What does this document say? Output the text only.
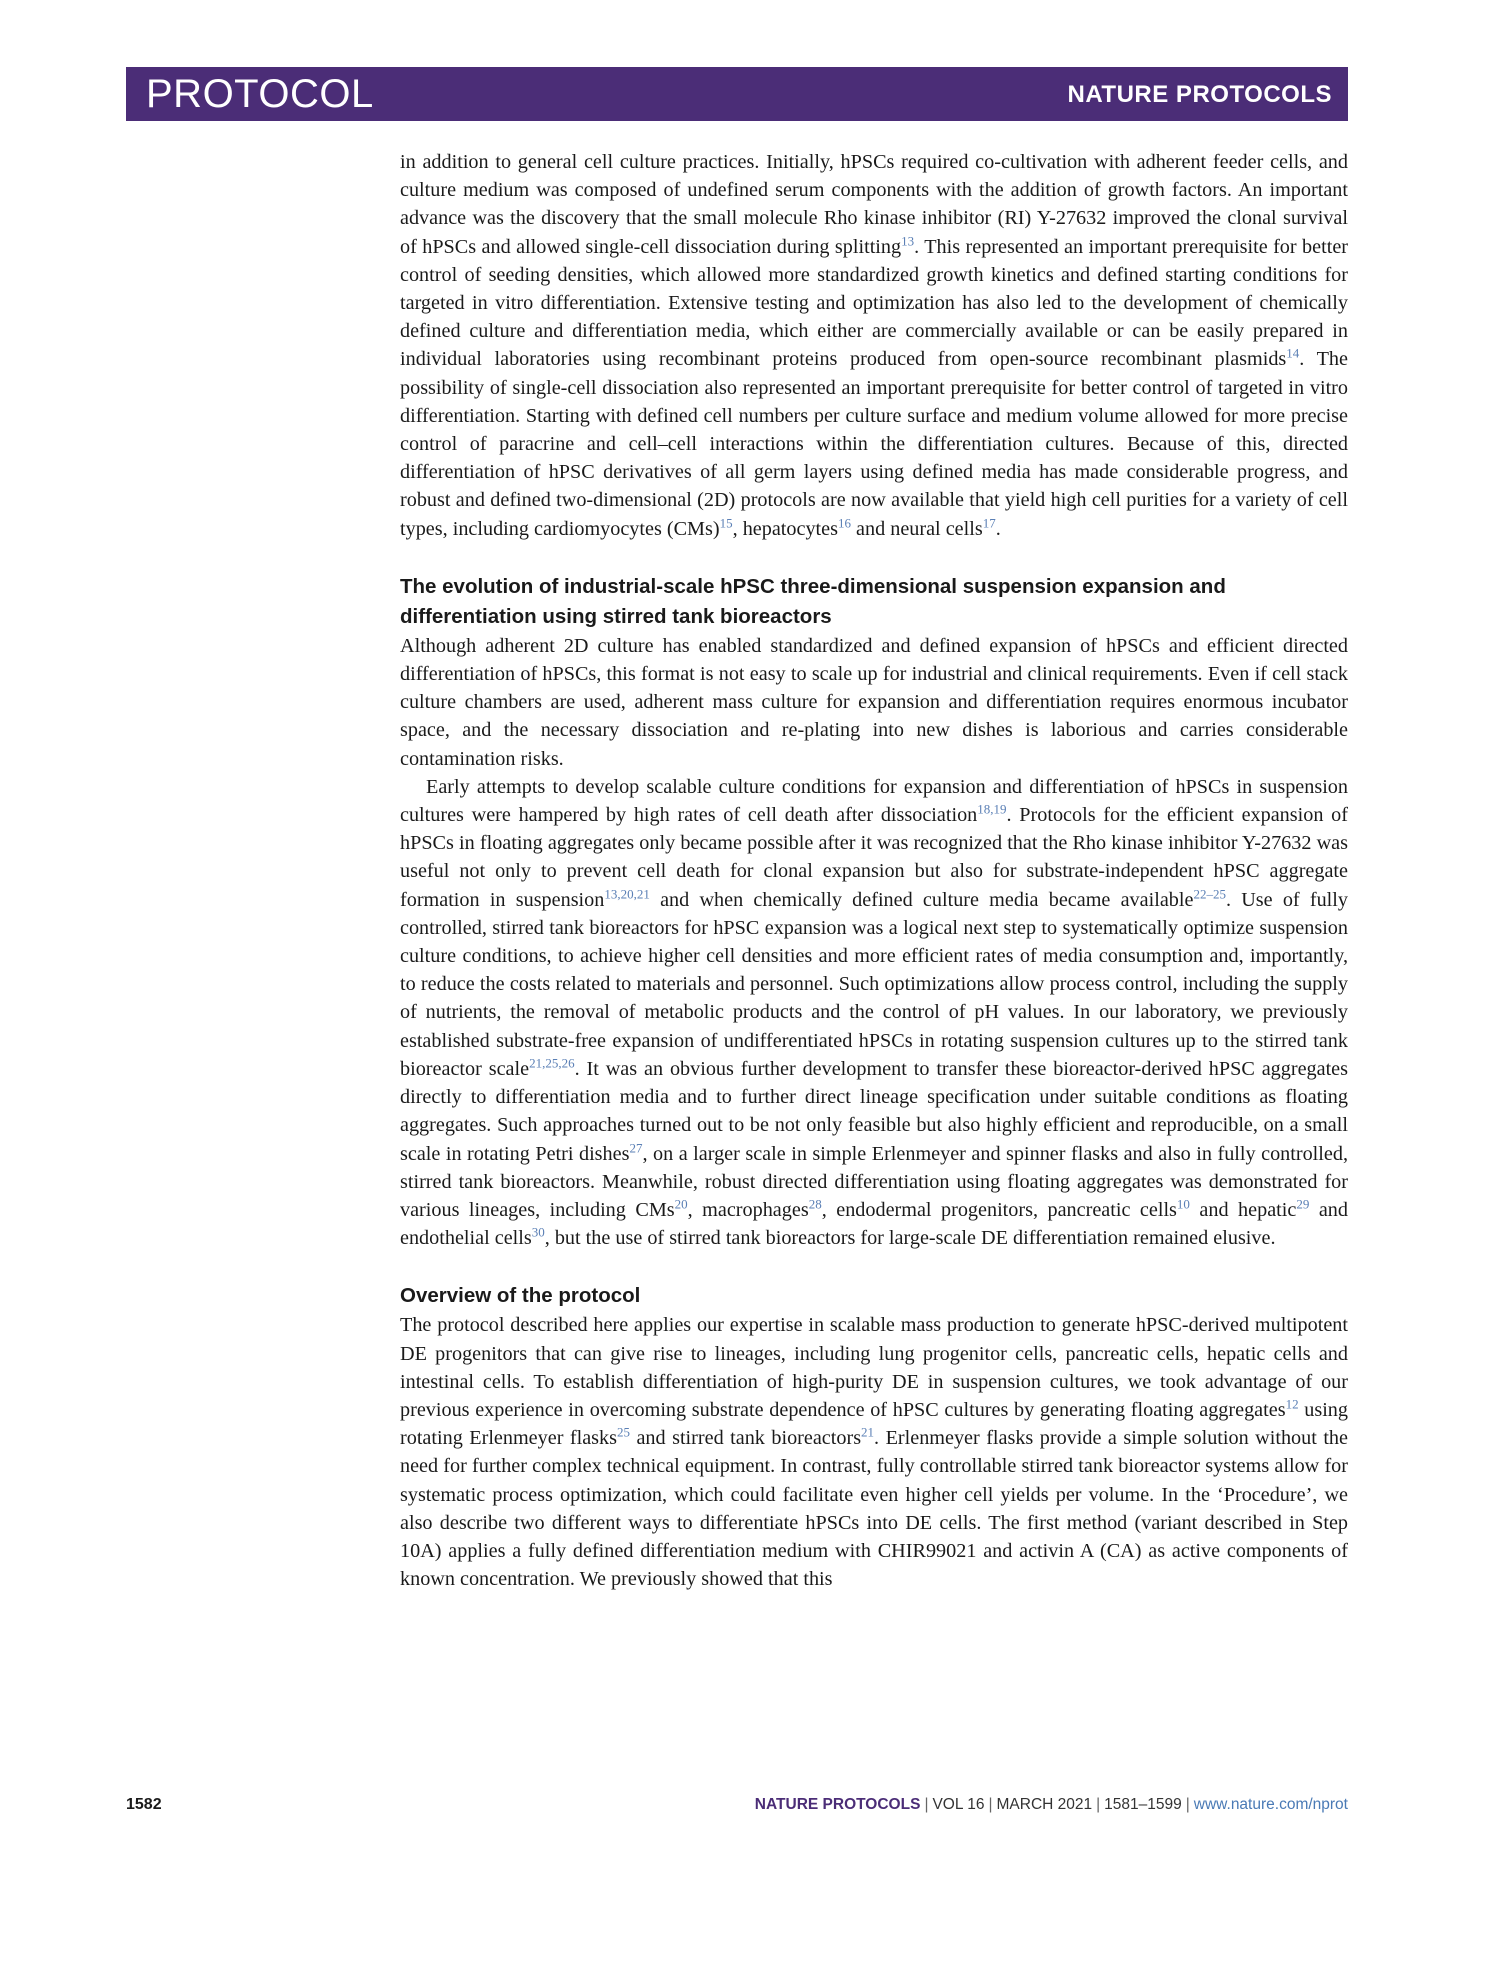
PROTOCOL	NATURE PROTOCOLS

in addition to general cell culture practices. Initially, hPSCs required co-cultivation with adherent feeder cells, and culture medium was composed of undefined serum components with the addition of growth factors. An important advance was the discovery that the small molecule Rho kinase inhibitor (RI) Y-27632 improved the clonal survival of hPSCs and allowed single-cell dissociation during splitting$^{13}$. This represented an important prerequisite for better control of seeding densities, which allowed more standardized growth kinetics and defined starting conditions for targeted in vitro differentiation. Extensive testing and optimization has also led to the development of chemically defined culture and differentiation media, which either are commercially available or can be easily prepared in individual laboratories using recombinant proteins produced from open-source recombinant plasmids$^{14}$. The possibility of single-cell dissociation also represented an important prerequisite for better control of targeted in vitro differentiation. Starting with defined cell numbers per culture surface and medium volume allowed for more precise control of paracrine and cell–cell interactions within the differentiation cultures. Because of this, directed differentiation of hPSC derivatives of all germ layers using defined media has made considerable progress, and robust and defined two-dimensional (2D) protocols are now available that yield high cell purities for a variety of cell types, including cardiomyocytes (CMs)$^{15}$, hepatocytes$^{16}$ and neural cells$^{17}$.

The evolution of industrial-scale hPSC three-dimensional suspension expansion and differentiation using stirred tank bioreactors

Although adherent 2D culture has enabled standardized and defined expansion of hPSCs and efficient directed differentiation of hPSCs, this format is not easy to scale up for industrial and clinical requirements. Even if cell stack culture chambers are used, adherent mass culture for expansion and differentiation requires enormous incubator space, and the necessary dissociation and re-plating into new dishes is laborious and carries considerable contamination risks.

Early attempts to develop scalable culture conditions for expansion and differentiation of hPSCs in suspension cultures were hampered by high rates of cell death after dissociation$^{18,19}$. Protocols for the efficient expansion of hPSCs in floating aggregates only became possible after it was recognized that the Rho kinase inhibitor Y-27632 was useful not only to prevent cell death for clonal expansion but also for substrate-independent hPSC aggregate formation in suspension$^{13,20,21}$ and when chemically defined culture media became available$^{22-25}$. Use of fully controlled, stirred tank bioreactors for hPSC expansion was a logical next step to systematically optimize suspension culture conditions, to achieve higher cell densities and more efficient rates of media consumption and, importantly, to reduce the costs related to materials and personnel. Such optimizations allow process control, including the supply of nutrients, the removal of metabolic products and the control of pH values. In our laboratory, we previously established substrate-free expansion of undifferentiated hPSCs in rotating suspension cultures up to the stirred tank bioreactor scale$^{21,25,26}$. It was an obvious further development to transfer these bioreactor-derived hPSC aggregates directly to differentiation media and to further direct lineage specification under suitable conditions as floating aggregates. Such approaches turned out to be not only feasible but also highly efficient and reproducible, on a small scale in rotating Petri dishes$^{27}$, on a larger scale in simple Erlenmeyer and spinner flasks and also in fully controlled, stirred tank bioreactors. Meanwhile, robust directed differentiation using floating aggregates was demonstrated for various lineages, including CMs$^{20}$, macrophages$^{28}$, endodermal progenitors, pancreatic cells$^{10}$ and hepatic$^{29}$ and endothelial cells$^{30}$, but the use of stirred tank bioreactors for large-scale DE differentiation remained elusive.

Overview of the protocol

The protocol described here applies our expertise in scalable mass production to generate hPSC-derived multipotent DE progenitors that can give rise to lineages, including lung progenitor cells, pancreatic cells, hepatic cells and intestinal cells. To establish differentiation of high-purity DE in suspension cultures, we took advantage of our previous experience in overcoming substrate dependence of hPSC cultures by generating floating aggregates$^{12}$ using rotating Erlenmeyer flasks$^{25}$ and stirred tank bioreactors$^{21}$. Erlenmeyer flasks provide a simple solution without the need for further complex technical equipment. In contrast, fully controllable stirred tank bioreactor systems allow for systematic process optimization, which could facilitate even higher cell yields per volume. In the ‘Procedure’, we also describe two different ways to differentiate hPSCs into DE cells. The first method (variant described in Step 10A) applies a fully defined differentiation medium with CHIR99021 and activin A (CA) as active components of known concentration. We previously showed that this

1582	NATURE PROTOCOLS | VOL 16 | MARCH 2021 | 1581–1599 | www.nature.com/nprot
